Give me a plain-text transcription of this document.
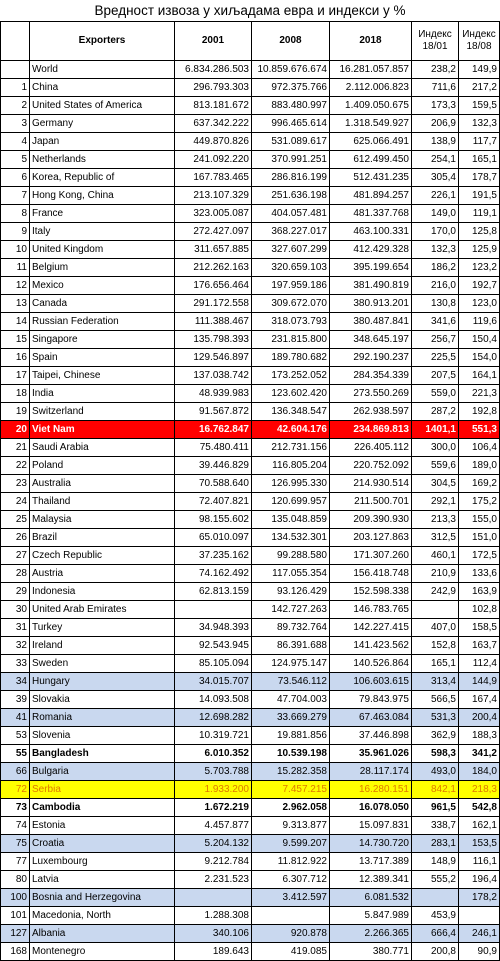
Вредност извоза у хиљадама евра и индекси у %
	Exporters	2001	2008	2018	Индекс 18/01	Индекс 18/08
	World	6.834.286.503	10.859.676.674	16.281.057.857	238,2	149,9
1	China	296.793.303	972.375.766	2.112.006.823	711,6	217,2
2	United States of America	813.181.672	883.480.997	1.409.050.675	173,3	159,5
3	Germany	637.342.222	996.465.614	1.318.549.927	206,9	132,3
4	Japan	449.870.826	531.089.617	625.066.491	138,9	117,7
5	Netherlands	241.092.220	370.991.251	612.499.450	254,1	165,1
6	Korea, Republic of	167.783.465	286.816.199	512.431.235	305,4	178,7
7	Hong Kong, China	213.107.329	251.636.198	481.894.257	226,1	191,5
8	France	323.005.087	404.057.481	481.337.768	149,0	119,1
9	Italy	272.427.097	368.227.017	463.100.331	170,0	125,8
10	United Kingdom	311.657.885	327.607.299	412.429.328	132,3	125,9
11	Belgium	212.262.163	320.659.103	395.199.654	186,2	123,2
12	Mexico	176.656.464	197.959.186	381.490.819	216,0	192,7
13	Canada	291.172.558	309.672.070	380.913.201	130,8	123,0
14	Russian Federation	111.388.467	318.073.793	380.487.841	341,6	119,6
15	Singapore	135.798.393	231.815.800	348.645.197	256,7	150,4
16	Spain	129.546.897	189.780.682	292.190.237	225,5	154,0
17	Taipei, Chinese	137.038.742	173.252.052	284.354.339	207,5	164,1
18	India	48.939.983	123.602.420	273.550.269	559,0	221,3
19	Switzerland	91.567.872	136.348.547	262.938.597	287,2	192,8
20	Viet Nam	16.762.847	42.604.176	234.869.813	1401,1	551,3
21	Saudi Arabia	75.480.411	212.731.156	226.405.112	300,0	106,4
22	Poland	39.446.829	116.805.204	220.752.092	559,6	189,0
23	Australia	70.588.640	126.995.330	214.930.514	304,5	169,2
24	Thailand	72.407.821	120.699.957	211.500.701	292,1	175,2
25	Malaysia	98.155.602	135.048.859	209.390.930	213,3	155,0
26	Brazil	65.010.097	134.532.301	203.127.863	312,5	151,0
27	Czech Republic	37.235.162	99.288.580	171.307.260	460,1	172,5
28	Austria	74.162.492	117.055.354	156.418.748	210,9	133,6
29	Indonesia	62.813.159	93.126.429	152.598.338	242,9	163,9
30	United Arab Emirates		142.727.263	146.783.765		102,8
31	Turkey	34.948.393	89.732.764	142.227.415	407,0	158,5
32	Ireland	92.543.945	86.391.688	141.423.562	152,8	163,7
33	Sweden	85.105.094	124.975.147	140.526.864	165,1	112,4
34	Hungary	34.015.707	73.546.112	106.603.615	313,4	144,9
39	Slovakia	14.093.508	47.704.003	79.843.975	566,5	167,4
41	Romania	12.698.282	33.669.279	67.463.084	531,3	200,4
53	Slovenia	10.319.721	19.881.856	37.446.898	362,9	188,3
55	Bangladesh	6.010.352	10.539.198	35.961.026	598,3	341,2
66	Bulgaria	5.703.788	15.282.358	28.117.174	493,0	184,0
72	Serbia	1.933.200	7.457.215	16.280.151	842,1	218,3
73	Cambodia	1.672.219	2.962.058	16.078.050	961,5	542,8
74	Estonia	4.457.877	9.313.877	15.097.831	338,7	162,1
75	Croatia	5.204.132	9.599.207	14.730.720	283,1	153,5
77	Luxembourg	9.212.784	11.812.922	13.717.389	148,9	116,1
80	Latvia	2.231.523	6.307.712	12.389.341	555,2	196,4
100	Bosnia and Herzegovina		3.412.597	6.081.532		178,2
101	Macedonia, North	1.288.308		5.847.989	453,9	
127	Albania	340.106	920.878	2.266.365	666,4	246,1
168	Montenegro	189.643	419.085	380.771	200,8	90,9
